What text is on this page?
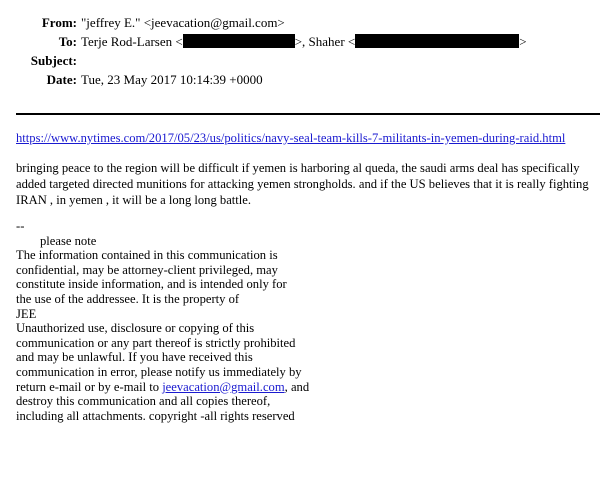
From: "jeffrey E." <jeevacation@gmail.com>
To: Terje Rod-Larsen <	>, Shaher <	>
Subject:
Date: Tue, 23 May 2017 10:14:39 +0000
https://www.nytimes.com/2017/05/23/us/politics/navy-seal-team-kills-7-militants-in-yemen-during-raid.html
bringing peace to the region will be difficult if yemen is harboring al queda, the saudi arms deal has specifically added targeted directed munitions for attacking yemen strongholds. and if the US believes that it is really fighting IRAN , in yemen , it will be a long long battle.
--
please note
The information contained in this communication is
confidential, may be attorney-client privileged, may
constitute inside information, and is intended only for
the use of the addressee. It is the property of
JEE
Unauthorized use, disclosure or copying of this
communication or any part thereof is strictly prohibited
and may be unlawful. If you have received this
communication in error, please notify us immediately by
return e-mail or by e-mail to jeevacation@gmail.com, and
destroy this communication and all copies thereof,
including all attachments. copyright -all rights reserved
